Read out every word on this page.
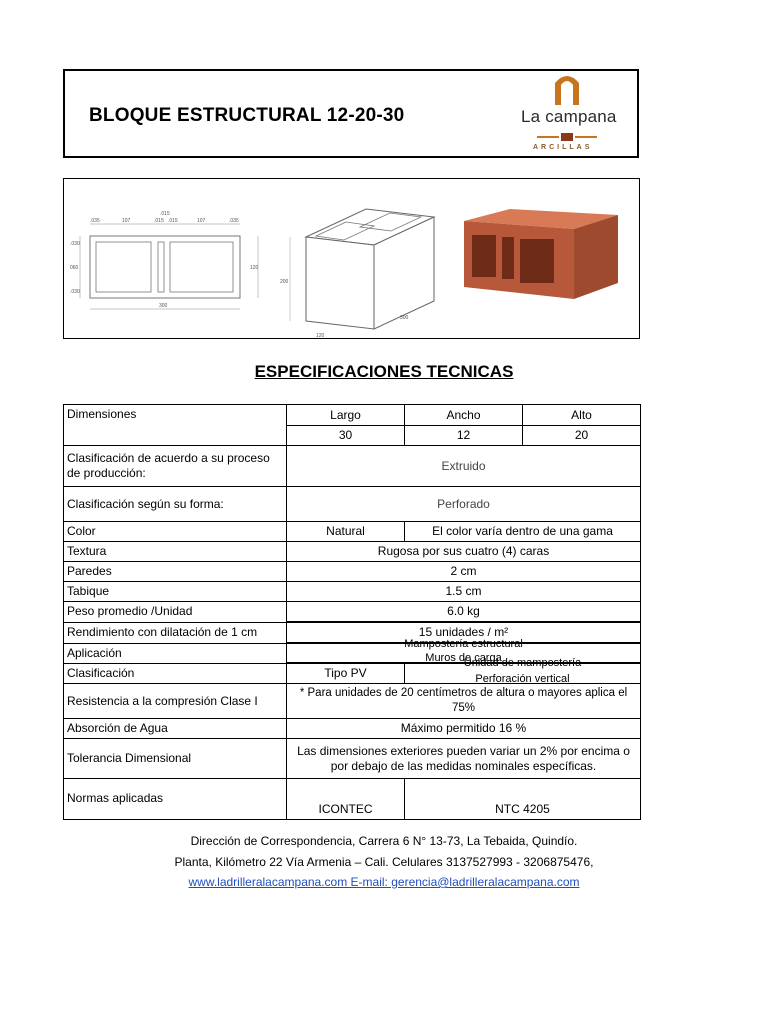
BLOQUE ESTRUCTURAL 12-20-30	La campana
ARCILLAS
.035	107
.015
.015 .015	107	.035
.030
060
.030
120
300
200
120
300
ESPECIFICACIONES TECNICAS
Dimensiones	Largo	Ancho	Alto
	30	12	20
Clasificación de acuerdo a su proceso de producción:	Extruido		
Clasificación según su forma:	Perforado		
Color	Natural	El color varía dentro de una gama	
Textura	Rugosa por sus cuatro (4) caras		
Paredes	2 cm		
Tabique	1.5 cm		
Peso promedio /Unidad	6.0 kg		
Rendimiento con dilatación de 1 cm	15 unidades / m²		
Aplicación	Mampostería estructural
Muros de carga		

Clasificación	Tipo PV	Unidad de mampostería
Perforación vertical	

Resistencia a la compresión Clase I	* Para unidades de 20 centímetros de altura o mayores aplica el 75%		
Absorción de Agua	Máximo permitido 16 %		
Tolerancia Dimensional	Las dimensiones exteriores pueden variar un 2% por encima o por debajo de las medidas nominales específicas.		
Normas aplicadas	ICONTEC	NTC 4205	
Dirección de Correspondencia, Carrera 6 N° 13-73, La Tebaida, Quindío.
Planta, Kilómetro 22 Vía Armenia – Cali. Celulares 3137527993 - 3206875476,
www.ladrilleralacampana.com E-mail: gerencia@ladrilleralacampana.com
